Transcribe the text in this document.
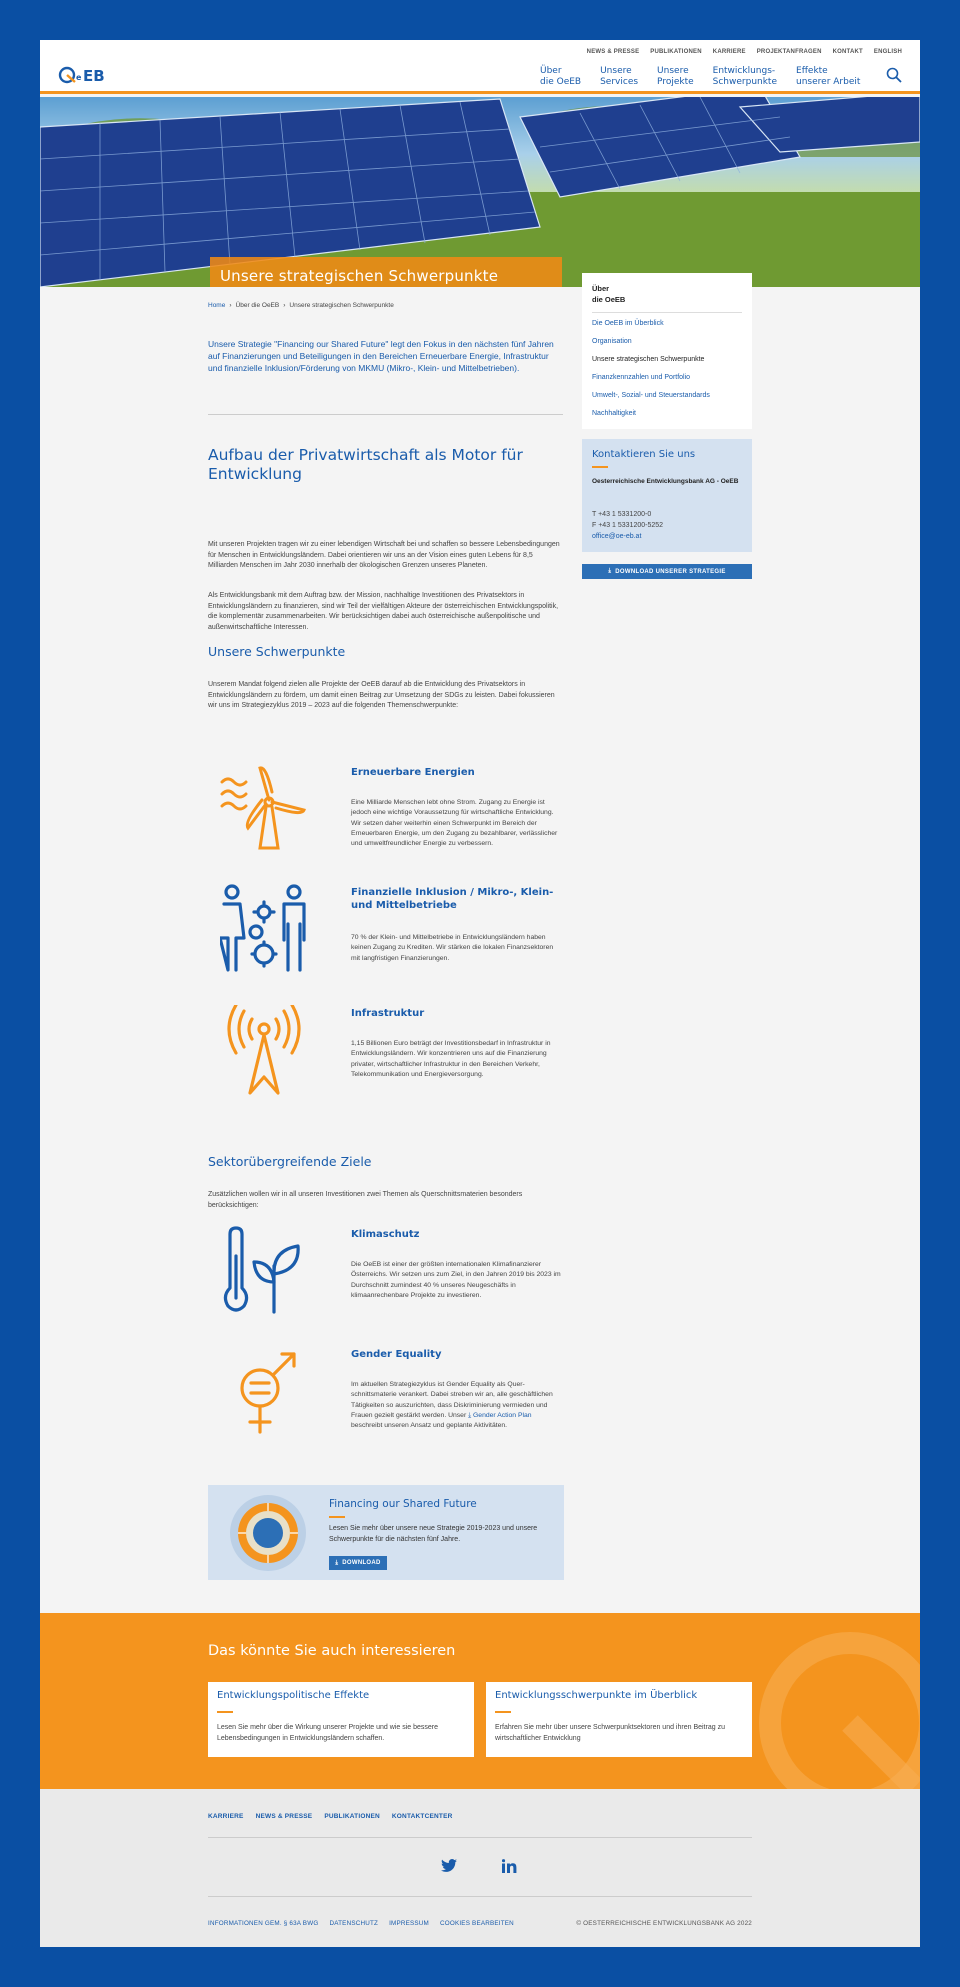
e EB
NEWS & PRESSE PUBLIKATIONEN KARRIERE PROJEKTANFRAGEN KONTAKT ENGLISH
Über
die OeEB
Unsere
Services
Unsere
Projekte
Entwicklungs-
Schwerpunkte
Effekte
unserer Arbeit
Unsere strategischen Schwerpunkte
Home › Über die OeEB › Unsere strategischen Schwerpunkte

Unsere Strategie "Financing our Shared Future" legt den Fokus in den nächsten fünf Jahren auf Finanzierungen und Beteiligungen in den Bereichen Erneuerbare Energie, Infrastruktur und finanzielle Inklusion/Förderung von MKMU (Mikro-, Klein- und Mittelbetrieben).

Aufbau der Privatwirtschaft als Motor für Entwicklung

Mit unseren Projekten tragen wir zu einer lebendigen Wirtschaft bei und schaffen so bessere Lebensbedingungen für Menschen in Entwicklungsländern. Dabei orientieren wir uns an der Vision eines guten Lebens für 8,5 Milliarden Menschen im Jahr 2030 innerhalb der ökologischen Grenzen unseres Planeten.

Als Entwicklungsbank mit dem Auftrag bzw. der Mission, nachhaltige Investitionen des Privatsektors in Entwicklungsländern zu finanzieren, sind wir Teil der vielfältigen Akteure der österreichischen Entwicklungspolitik, die komplementär zusammenarbeiten. Wir berücksichtigen dabei auch österreichische außenpolitische und außenwirtschaftliche Interessen.

Unsere Schwerpunkte

Unserem Mandat folgend zielen alle Projekte der OeEB darauf ab die Entwicklung des Privatsektors in Entwicklungsländern zu fördern, um damit einen Beitrag zur Umsetzung der SDGs zu leisten. Dabei fokussieren wir uns im Strategiezyklus 2019 – 2023 auf die folgenden Themenschwerpunkte:

Erneuerbare Energien

Eine Milliarde Menschen lebt ohne Strom. Zugang zu Energie ist jedoch eine wichtige Voraussetzung für wirtschaftliche Entwicklung. Wir setzen daher weiterhin einen Schwerpunkt im Bereich der Erneuerbaren Energie, um den Zugang zu bezahlbarer, verlässlicher und umweltfreundlicher Energie zu verbessern.

Finanzielle Inklusion / Mikro-, Klein- und Mittelbetriebe

70 % der Klein- und Mittelbetriebe in Entwicklungsländern haben keinen Zugang zu Krediten. Wir stärken die lokalen Finanzsektoren mit langfristigen Finanzierungen.

Infrastruktur

1,15 Billionen Euro beträgt der Investitionsbedarf in Infrastruktur in Entwicklungsländern. Wir konzentrieren uns auf die Finanzierung privater, wirtschaftlicher Infrastruktur in den Bereichen Verkehr, Telekommunikation und Energieversorgung.

Sektorübergreifende Ziele

Zusätzlichen wollen wir in all unseren Investitionen zwei Themen als Querschnittsmaterien besonders berücksichtigen:

Klimaschutz

Die OeEB ist einer der größten internationalen Klimafinanzierer Österreichs. Wir setzen uns zum Ziel, in den Jahren 2019 bis 2023 im Durchschnitt zumindest 40 % unseres Neugeschäfts in klimaanrechenbare Projekte zu investieren.

Gender Equality

Im aktuellen Strategiezyklus ist Gender Equality als Querschnittsmaterie verankert. Dabei streben wir an, alle geschäftlichen Tätigkeiten so auszurichten, dass Diskriminierung vermieden und Frauen gezielt gestärkt werden. Unser ⤓ Gender Action Plan beschreibt unseren Ansatz und geplante Aktivitäten.

Financing our Shared Future
Lesen Sie mehr über unsere neue Strategie 2019-2023 und unsere Schwerpunkte für die nächsten fünf Jahre.
⤓ DOWNLOAD
Über
die OeEB
Die OeEB im Überblick
Organisation
Unsere strategischen Schwerpunkte
Finanzkennzahlen und Portfolio
Umwelt-, Sozial- und Steuerstandards
Nachhaltigkeit
Kontaktieren Sie uns
Oesterreichische Entwicklungsbank AG - OeEB
T +43 1 5331200-0
F +43 1 5331200-5252
office@oe-eb.at
⤓ DOWNLOAD UNSERER STRATEGIE
Das könnte Sie auch interessieren
Entwicklungspolitische Effekte
Lesen Sie mehr über die Wirkung unserer Projekte und wie sie bessere Lebensbedingungen in Entwicklungsländern schaffen.
Entwicklungsschwerpunkte im Überblick
Erfahren Sie mehr über unsere Schwerpunktsektoren und ihren Beitrag zu wirtschaftlicher Entwicklung
KARRIERE NEWS & PRESSE PUBLIKATIONEN KONTAKTCENTER
INFORMATIONEN GEM. § 63A BWG DATENSCHUTZ IMPRESSUM COOKIES BEARBEITEN	© OESTERREICHISCHE ENTWICKLUNGSBANK AG 2022
